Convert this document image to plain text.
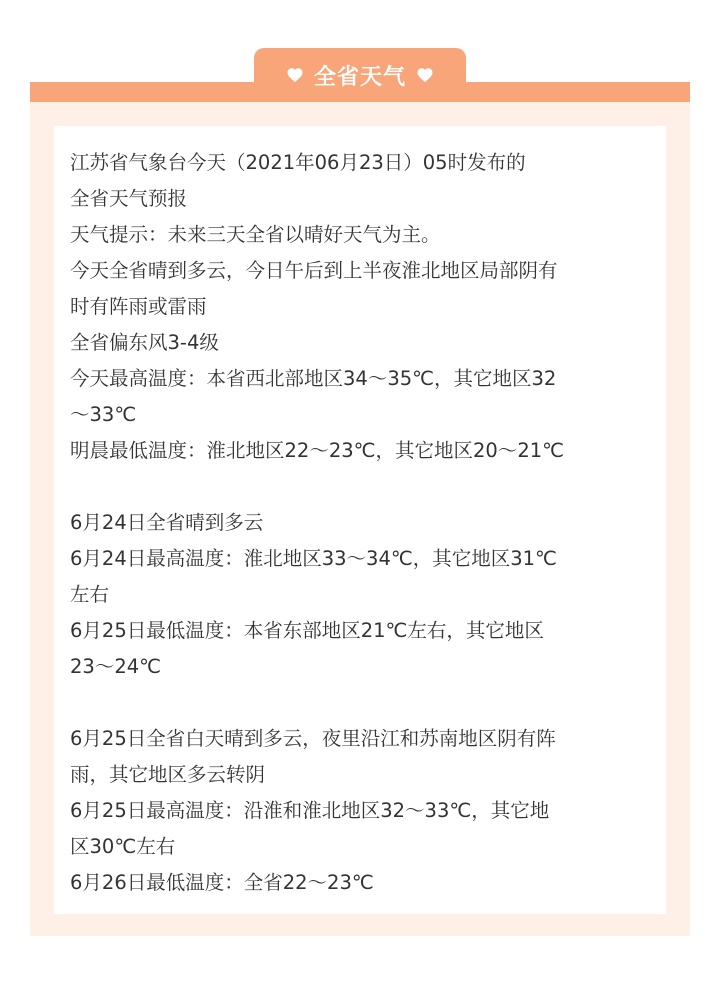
全省天气
江苏省气象台今天（2021年06月23日）05时发布的
全省天气预报
天气提示：未来三天全省以晴好天气为主。
今天全省晴到多云，今日午后到上半夜淮北地区局部阴有
时有阵雨或雷雨
全省偏东风3-4级
今天最高温度：本省西北部地区34～35℃，其它地区32
～33℃
明晨最低温度：淮北地区22～23℃，其它地区20～21℃
6月24日全省晴到多云
6月24日最高温度：淮北地区33～34℃，其它地区31℃
左右
6月25日最低温度：本省东部地区21℃左右，其它地区
23～24℃
6月25日全省白天晴到多云，夜里沿江和苏南地区阴有阵
雨，其它地区多云转阴
6月25日最高温度：沿淮和淮北地区32～33℃，其它地
区30℃左右
6月26日最低温度：全省22～23℃
